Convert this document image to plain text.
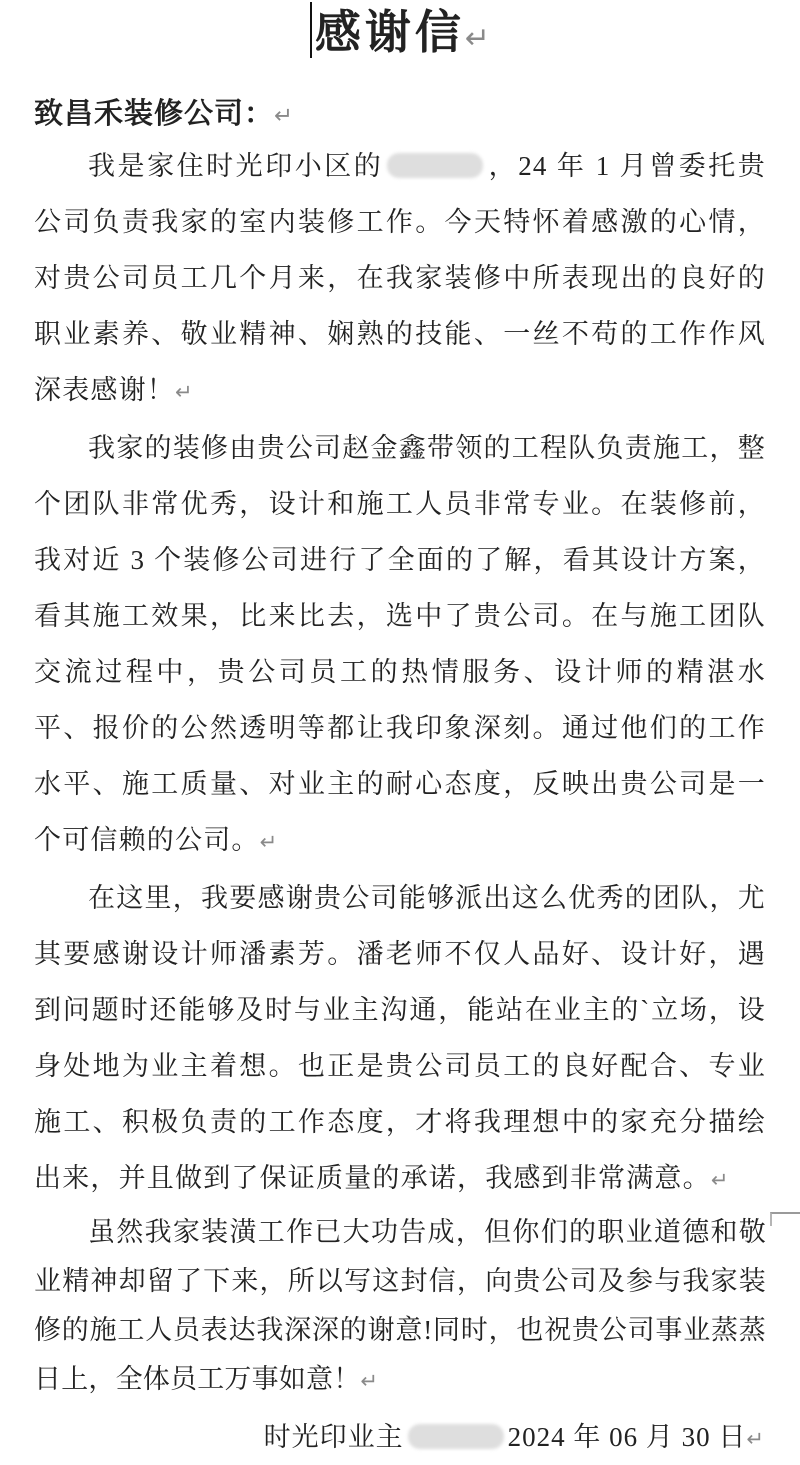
感谢信↵
致昌禾装修公司：↵

我是家住时光印小区的	，24 年 1 月曾委托贵公司负责我家的室内装修工作。今天特怀着感激的心情，对贵公司员工几个月来，在我家装修中所表现出的良好的职业素养、敬业精神、娴熟的技能、一丝不苟的工作作风深表感谢！↵

我家的装修由贵公司赵金鑫带领的工程队负责施工，整个团队非常优秀，设计和施工人员非常专业。在装修前，我对近 3 个装修公司进行了全面的了解，看其设计方案，看其施工效果，比来比去，选中了贵公司。在与施工团队交流过程中，贵公司员工的热情服务、设计师的精湛水平、报价的公然透明等都让我印象深刻。通过他们的工作水平、施工质量、对业主的耐心态度，反映出贵公司是一个可信赖的公司。↵

在这里，我要感谢贵公司能够派出这么优秀的团队，尤其要感谢设计师潘素芳。潘老师不仅人品好、设计好，遇到问题时还能够及时与业主沟通，能站在业主的`立场，设身处地为业主着想。也正是贵公司员工的良好配合、专业施工、积极负责的工作态度，才将我理想中的家充分描绘出来，并且做到了保证质量的承诺，我感到非常满意。↵

虽然我家装潢工作已大功告成，但你们的职业道德和敬业精神却留了下来，所以写这封信，向贵公司及参与我家装修的施工人员表达我深深的谢意!同时，也祝贵公司事业蒸蒸日上，全体员工万事如意！↵

时光印业主	2024 年 06 月 30 日↵
